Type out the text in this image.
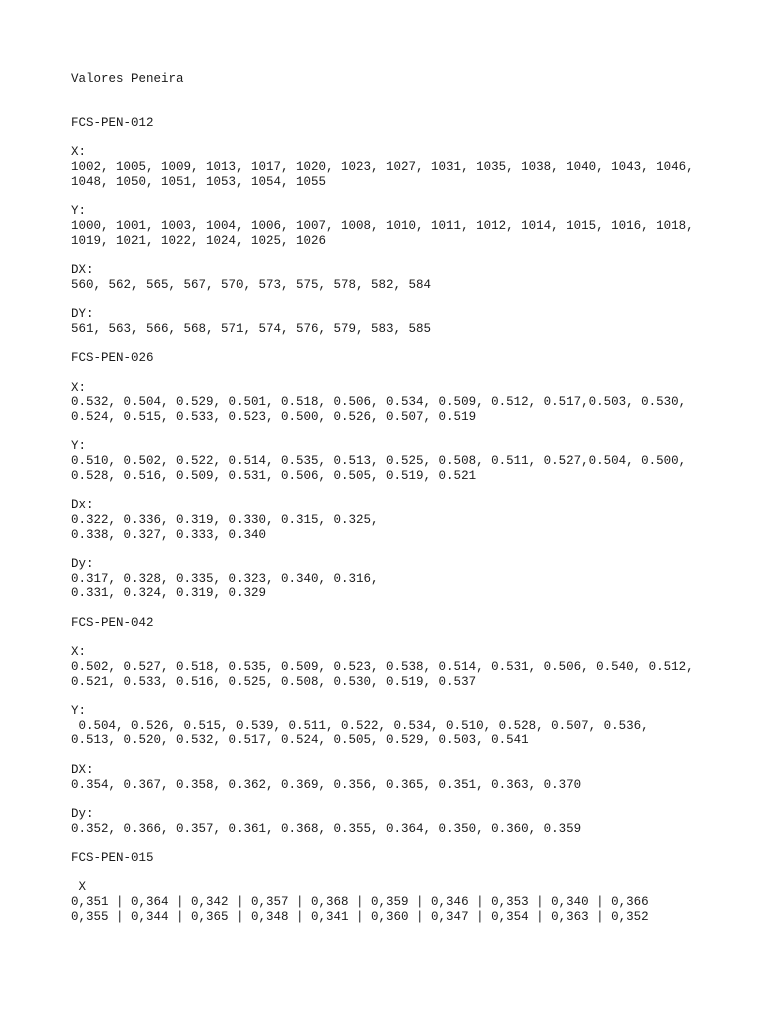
Valores Peneira
FCS-PEN-012
X:
1002, 1005, 1009, 1013, 1017, 1020, 1023, 1027, 1031, 1035, 1038, 1040, 1043, 1046,
1048, 1050, 1051, 1053, 1054, 1055
Y:
1000, 1001, 1003, 1004, 1006, 1007, 1008, 1010, 1011, 1012, 1014, 1015, 1016, 1018,
1019, 1021, 1022, 1024, 1025, 1026
DX:
560, 562, 565, 567, 570, 573, 575, 578, 582, 584
DY:
561, 563, 566, 568, 571, 574, 576, 579, 583, 585
FCS-PEN-026
X:
0.532, 0.504, 0.529, 0.501, 0.518, 0.506, 0.534, 0.509, 0.512, 0.517,0.503, 0.530,
0.524, 0.515, 0.533, 0.523, 0.500, 0.526, 0.507, 0.519
Y:
0.510, 0.502, 0.522, 0.514, 0.535, 0.513, 0.525, 0.508, 0.511, 0.527,0.504, 0.500,
0.528, 0.516, 0.509, 0.531, 0.506, 0.505, 0.519, 0.521
Dx:
0.322, 0.336, 0.319, 0.330, 0.315, 0.325,
0.338, 0.327, 0.333, 0.340
Dy:
0.317, 0.328, 0.335, 0.323, 0.340, 0.316,
0.331, 0.324, 0.319, 0.329
FCS-PEN-042
X:
0.502, 0.527, 0.518, 0.535, 0.509, 0.523, 0.538, 0.514, 0.531, 0.506, 0.540, 0.512,
0.521, 0.533, 0.516, 0.525, 0.508, 0.530, 0.519, 0.537
Y:
0.504, 0.526, 0.515, 0.539, 0.511, 0.522, 0.534, 0.510, 0.528, 0.507, 0.536,
0.513, 0.520, 0.532, 0.517, 0.524, 0.505, 0.529, 0.503, 0.541
DX:
0.354, 0.367, 0.358, 0.362, 0.369, 0.356, 0.365, 0.351, 0.363, 0.370
Dy:
0.352, 0.366, 0.357, 0.361, 0.368, 0.355, 0.364, 0.350, 0.360, 0.359
FCS-PEN-015
X
0,351 | 0,364 | 0,342 | 0,357 | 0,368 | 0,359 | 0,346 | 0,353 | 0,340 | 0,366
0,355 | 0,344 | 0,365 | 0,348 | 0,341 | 0,360 | 0,347 | 0,354 | 0,363 | 0,352
